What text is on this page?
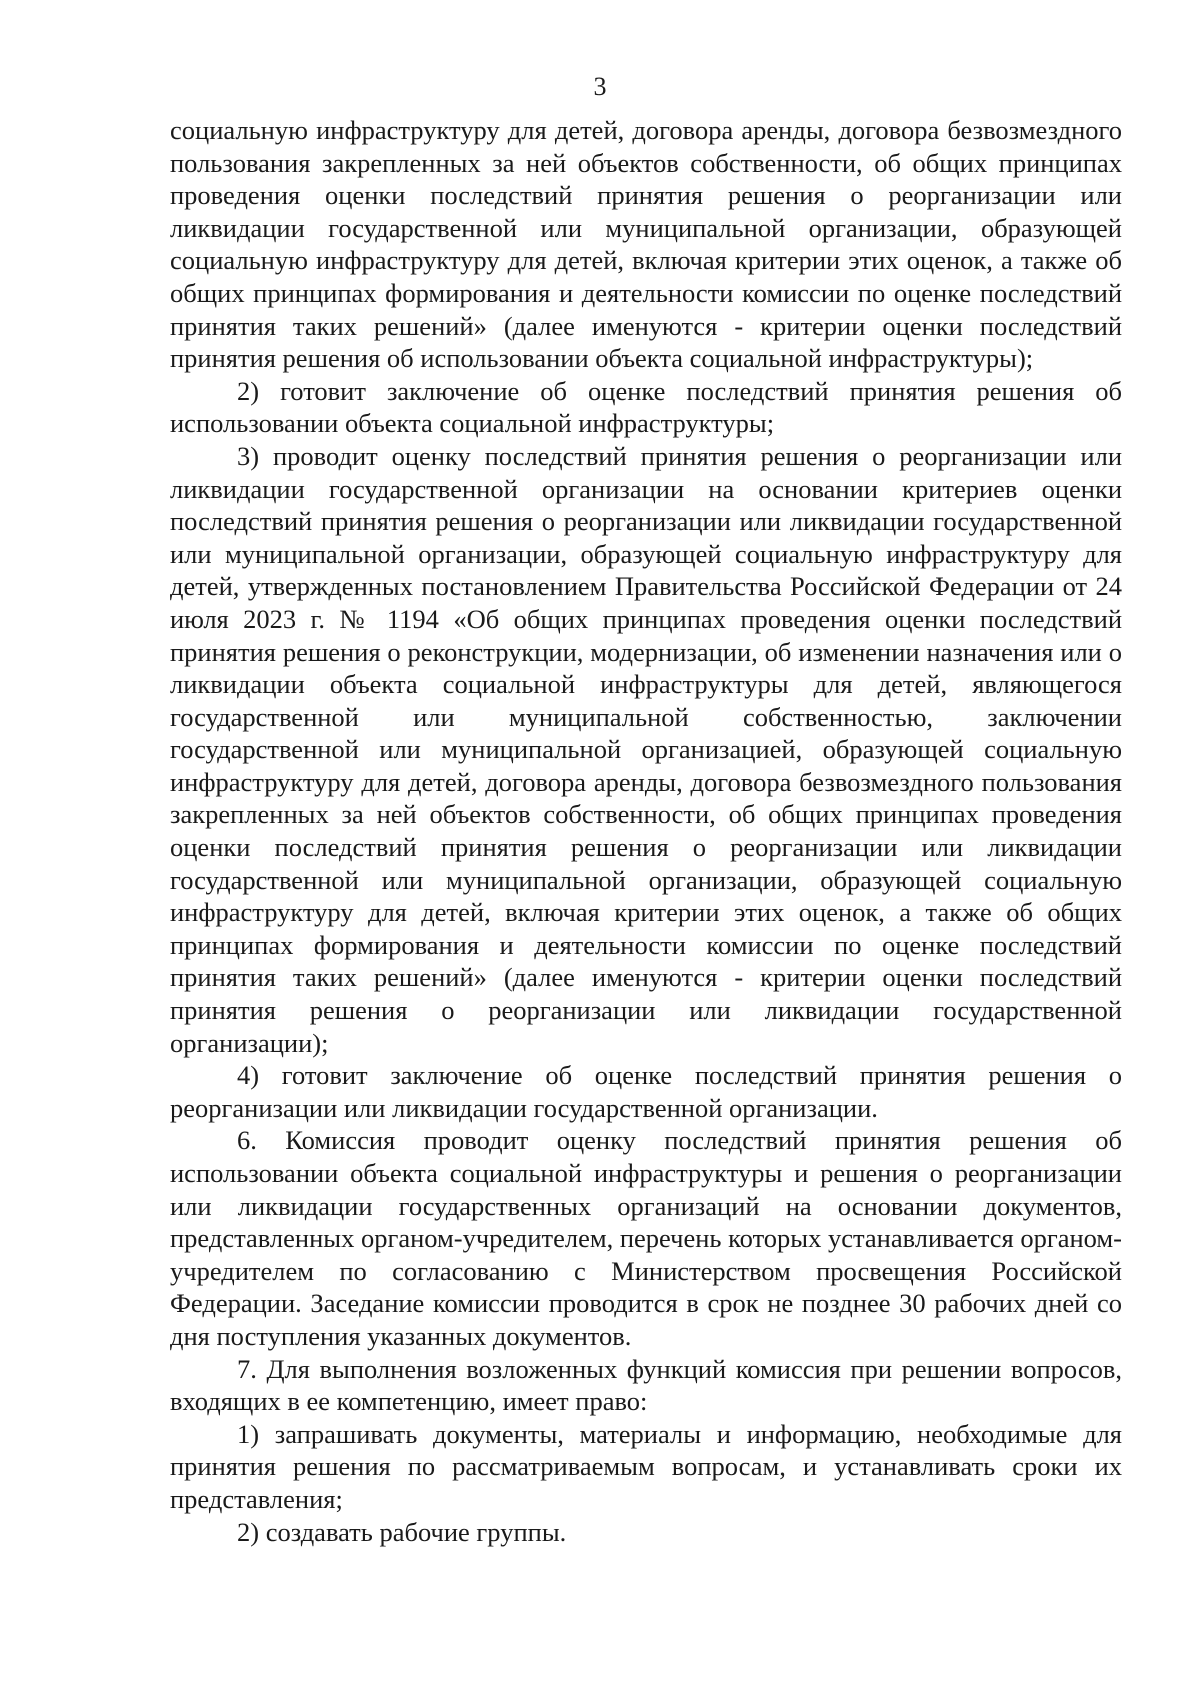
3

социальную инфраструктуру для детей, договора аренды, договора безвозмездного пользования закрепленных за ней объектов собственности, об общих принципах проведения оценки последствий принятия решения о реорганизации или ликвидации государственной или муниципальной организации, образующей социальную инфраструктуру для детей, включая критерии этих оценок, а также об общих принципах формирования и деятельности комиссии по оценке последствий принятия таких решений» (далее именуются - критерии оценки последствий принятия решения об использовании объекта социальной инфраструктуры);

2) готовит заключение об оценке последствий принятия решения об использовании объекта социальной инфраструктуры;

3) проводит оценку последствий принятия решения о реорганизации или ликвидации государственной организации на основании критериев оценки последствий принятия решения о реорганизации или ликвидации государственной или муниципальной организации, образующей социальную инфраструктуру для детей, утвержденных постановлением Правительства Российской Федерации от 24 июля 2023 г. № 1194 «Об общих принципах проведения оценки последствий принятия решения о реконструкции, модернизации, об изменении назначения или о ликвидации объекта социальной инфраструктуры для детей, являющегося государственной или муниципальной собственностью, заключении государственной или муниципальной организацией, образующей социальную инфраструктуру для детей, договора аренды, договора безвозмездного пользования закрепленных за ней объектов собственности, об общих принципах проведения оценки последствий принятия решения о реорганизации или ликвидации государственной или муниципальной организации, образующей социальную инфраструктуру для детей, включая критерии этих оценок, а также об общих принципах формирования и деятельности комиссии по оценке последствий принятия таких решений» (далее именуются - критерии оценки последствий принятия решения о реорганизации или ликвидации государственной организации);

4) готовит заключение об оценке последствий принятия решения о реорганизации или ликвидации государственной организации.

6. Комиссия проводит оценку последствий принятия решения об использовании объекта социальной инфраструктуры и решения о реорганизации или ликвидации государственных организаций на основании документов, представленных органом-учредителем, перечень которых устанавливается органом-учредителем по согласованию с Министерством просвещения Российской Федерации. Заседание комиссии проводится в срок не позднее 30 рабочих дней со дня поступления указанных документов.

7. Для выполнения возложенных функций комиссия при решении вопросов, входящих в ее компетенцию, имеет право:

1) запрашивать документы, материалы и информацию, необходимые для принятия решения по рассматриваемым вопросам, и устанавливать сроки их представления;

2) создавать рабочие группы.
